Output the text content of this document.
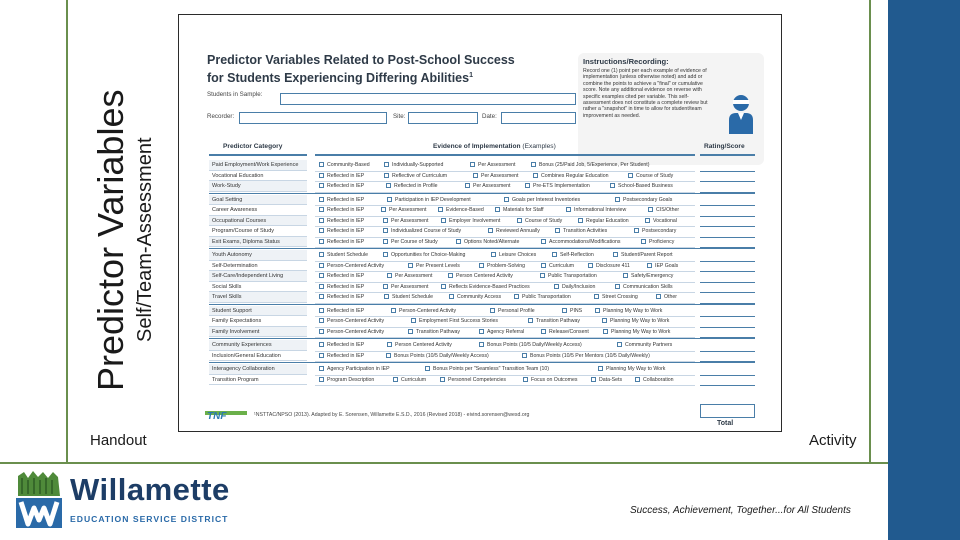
Predictor Variables Self/Team-Assessment
Predictor Variables Related to Post-School Success
for Students Experiencing Differing Abilities$^1$
Instructions/Recording:
Record one (1) point per each example of evidence of implementation (unless otherwise noted) and add or combine the points to achieve a "final" or cumulative score. Note any additional evidence on reverse with specific examples cited per variable. This self-assessment does not constitute a complete review but rather a "snapshot" in time to allow for student/team improvement as needed.
Students in Sample:
Recorder:	Site:	Date:
Predictor Category	Evidence of Implementation (Examples)	Rating/Score
Paid Employment/Work Experience	Community-Based	Individually-Supported	Per Assessment	Bonus (25/Paid Job, 5/Experience, Per Student)
Vocational Education	Reflected in IEP	Reflective of Curriculum	Per Assessment	Combines Regular Education	Course of Study
Work-Study	Reflected in IEP	Reflected in Profile	Per Assessment	Pre-ETS Implementation	School-Based Business
Goal Setting	Reflected in IEP	Participation in IEP Development	Goals per Interest Inventories	Postsecondary Goals
Career Awareness	Reflected in IEP	Per Assessment	Evidence-Based	Materials for Staff	Informational Interview	CIS/Other
Occupational Courses	Reflected in IEP	Per Assessment	Employer Involvement	Course of Study	Regular Education	Vocational
Program/Course of Study	Reflected in IEP	Individualized Course of Study	Reviewed Annually	Transition Activities	Postsecondary
Exit Exams, Diploma Status	Reflected in IEP	Per Course of Study	Options Noted/Alternate	Accommodations/Modifications	Proficiency
Youth Autonomy	Student Schedule	Opportunities for Choice-Making	Leisure Choices	Self-Reflection	Student/Parent Report
Self-Determination	Person-Centered Activity	Per Present Levels	Problem-Solving	Curriculum	Disclosure 411	IEP Goals
Self-Care/Independent Living	Reflected in IEP	Per Assessment	Person Centered Activity	Public Transportation	Safety/Emergency
Social Skills	Reflected in IEP	Per Assessment	Reflects Evidence-Based Practices	Daily/Inclusion	Communication Skills
Travel Skills	Reflected in IEP	Student Schedule	Community Access	Public Transportation	Street Crossing	Other
Student Support	Reflected in IEP	Person-Centered Activity	Personal Profile	PINS	Planning My Way to Work
Family Expectations	Person-Centered Activity	Employment First Success Stories	Transition Pathway	Planning My Way to Work
Family Involvement	Person-Centered Activity	Transition Pathway	Agency Referral	Release/Consent	Planning My Way to Work
Community Experiences	Reflected in IEP	Person Centered Activity	Bonus Points (10/5 Daily/Weekly Access)	Community Partners
Inclusion/General Education	Reflected in IEP	Bonus Points (10/5 Daily/Weekly Access)	Bonus Points (10/5 Per Mentors (10/5 Daily/Weekly)
Interagency Collaboration	Agency Participation in IEP	Bonus Points per "Seamless" Transition Team (10)	Planning My Way to Work
Transition Program	Program Description	Curriculum	Personnel Competencies	Focus on Outcomes	Data-Sets	Collaboration
TNF	¹NSTTAC/NPSO (2013). Adapted by E. Sorensen, Willamette E.S.D., 2016 (Revised 2018) - eivind.sorensen@wesd.org
Total
Handout	Activity
Willamette
EDUCATION SERVICE DISTRICT
Success, Achievement, Together...for All Students
